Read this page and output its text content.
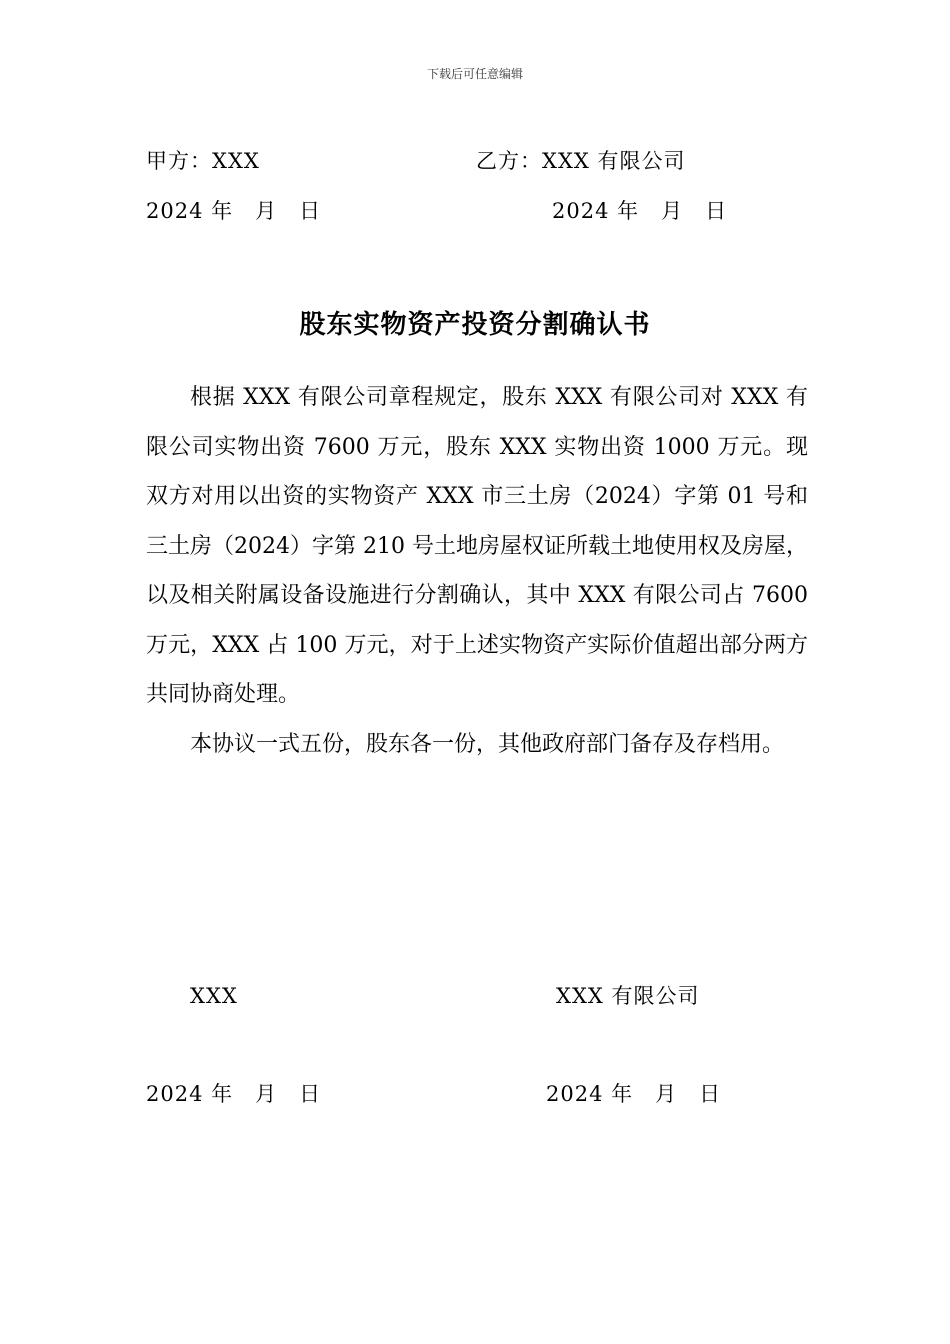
下载后可任意编辑
甲方：XXX	乙方：XXX 有限公司
2024 年　月　日	2024 年　月　日
股东实物资产投资分割确认书

根据 XXX 有限公司章程规定，股东 XXX 有限公司对 XXX 有限公司实物出资 7600 万元，股东 XXX 实物出资 1000 万元。现双方对用以出资的实物资产 XXX 市三土房（2024）字第 01 号和三土房（2024）字第 210 号土地房屋权证所载土地使用权及房屋，以及相关附属设备设施进行分割确认，其中 XXX 有限公司占 7600 万元，XXX 占 100 万元，对于上述实物资产实际价值超出部分两方共同协商处理。

本协议一式五份，股东各一份，其他政府部门备存及存档用。

XXX	XXX 有限公司
2024 年　月　日	2024 年　月　日
